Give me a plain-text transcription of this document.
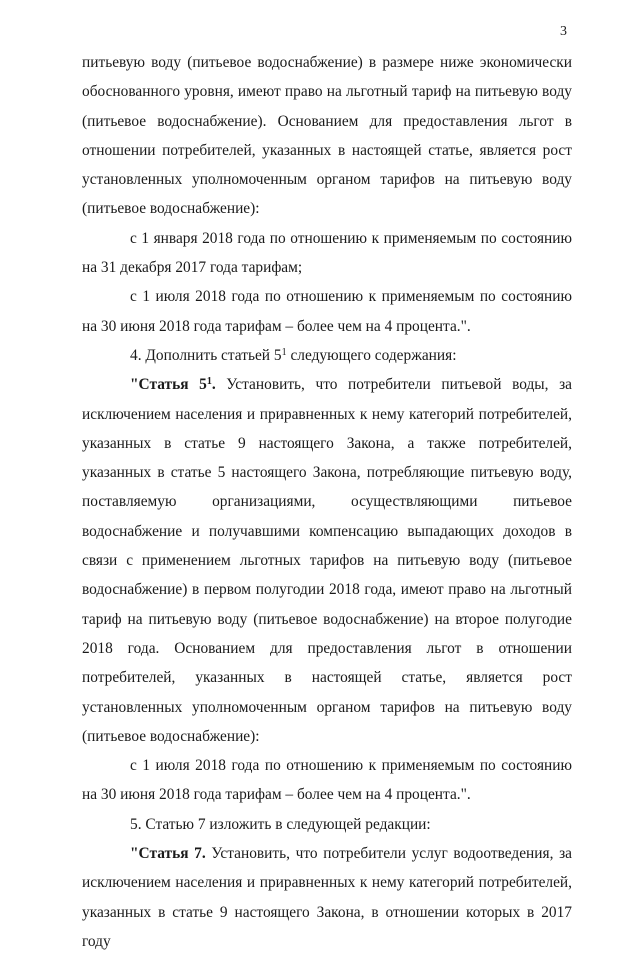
3

питьевую воду (питьевое водоснабжение) в размере ниже экономически обоснованного уровня, имеют право на льготный тариф на питьевую воду (питьевое водоснабжение). Основанием для предоставления льгот в отношении потребителей, указанных в настоящей статье, является рост установленных уполномоченным органом тарифов на питьевую воду (питьевое водоснабжение):

с 1 января 2018 года по отношению к применяемым по состоянию на 31 декабря 2017 года тарифам;

с 1 июля 2018 года по отношению к применяемым по состоянию на 30 июня 2018 года тарифам – более чем на 4 процента.".

4. Дополнить статьей $5^1$ следующего содержания:

"Статья $5^1$. Установить, что потребители питьевой воды, за исключением населения и приравненных к нему категорий потребителей, указанных в статье 9 настоящего Закона, а также потребителей, указанных в статье 5 настоящего Закона, потребляющие питьевую воду, поставляемую организациями, осуществляющими питьевое водоснабжение и получавшими компенсацию выпадающих доходов в связи с применением льготных тарифов на питьевую воду (питьевое водоснабжение) в первом полугодии 2018 года, имеют право на льготный тариф на питьевую воду (питьевое водоснабжение) на второе полугодие 2018 года. Основанием для предоставления льгот в отношении потребителей, указанных в настоящей статье, является рост установленных уполномоченным органом тарифов на питьевую воду (питьевое водоснабжение):

с 1 июля 2018 года по отношению к применяемым по состоянию на 30 июня 2018 года тарифам – более чем на 4 процента.".

5. Статью 7 изложить в следующей редакции:

"Статья 7. Установить, что потребители услуг водоотведения, за исключением населения и приравненных к нему категорий потребителей, указанных в статье 9 настоящего Закона, в отношении которых в 2017 году
